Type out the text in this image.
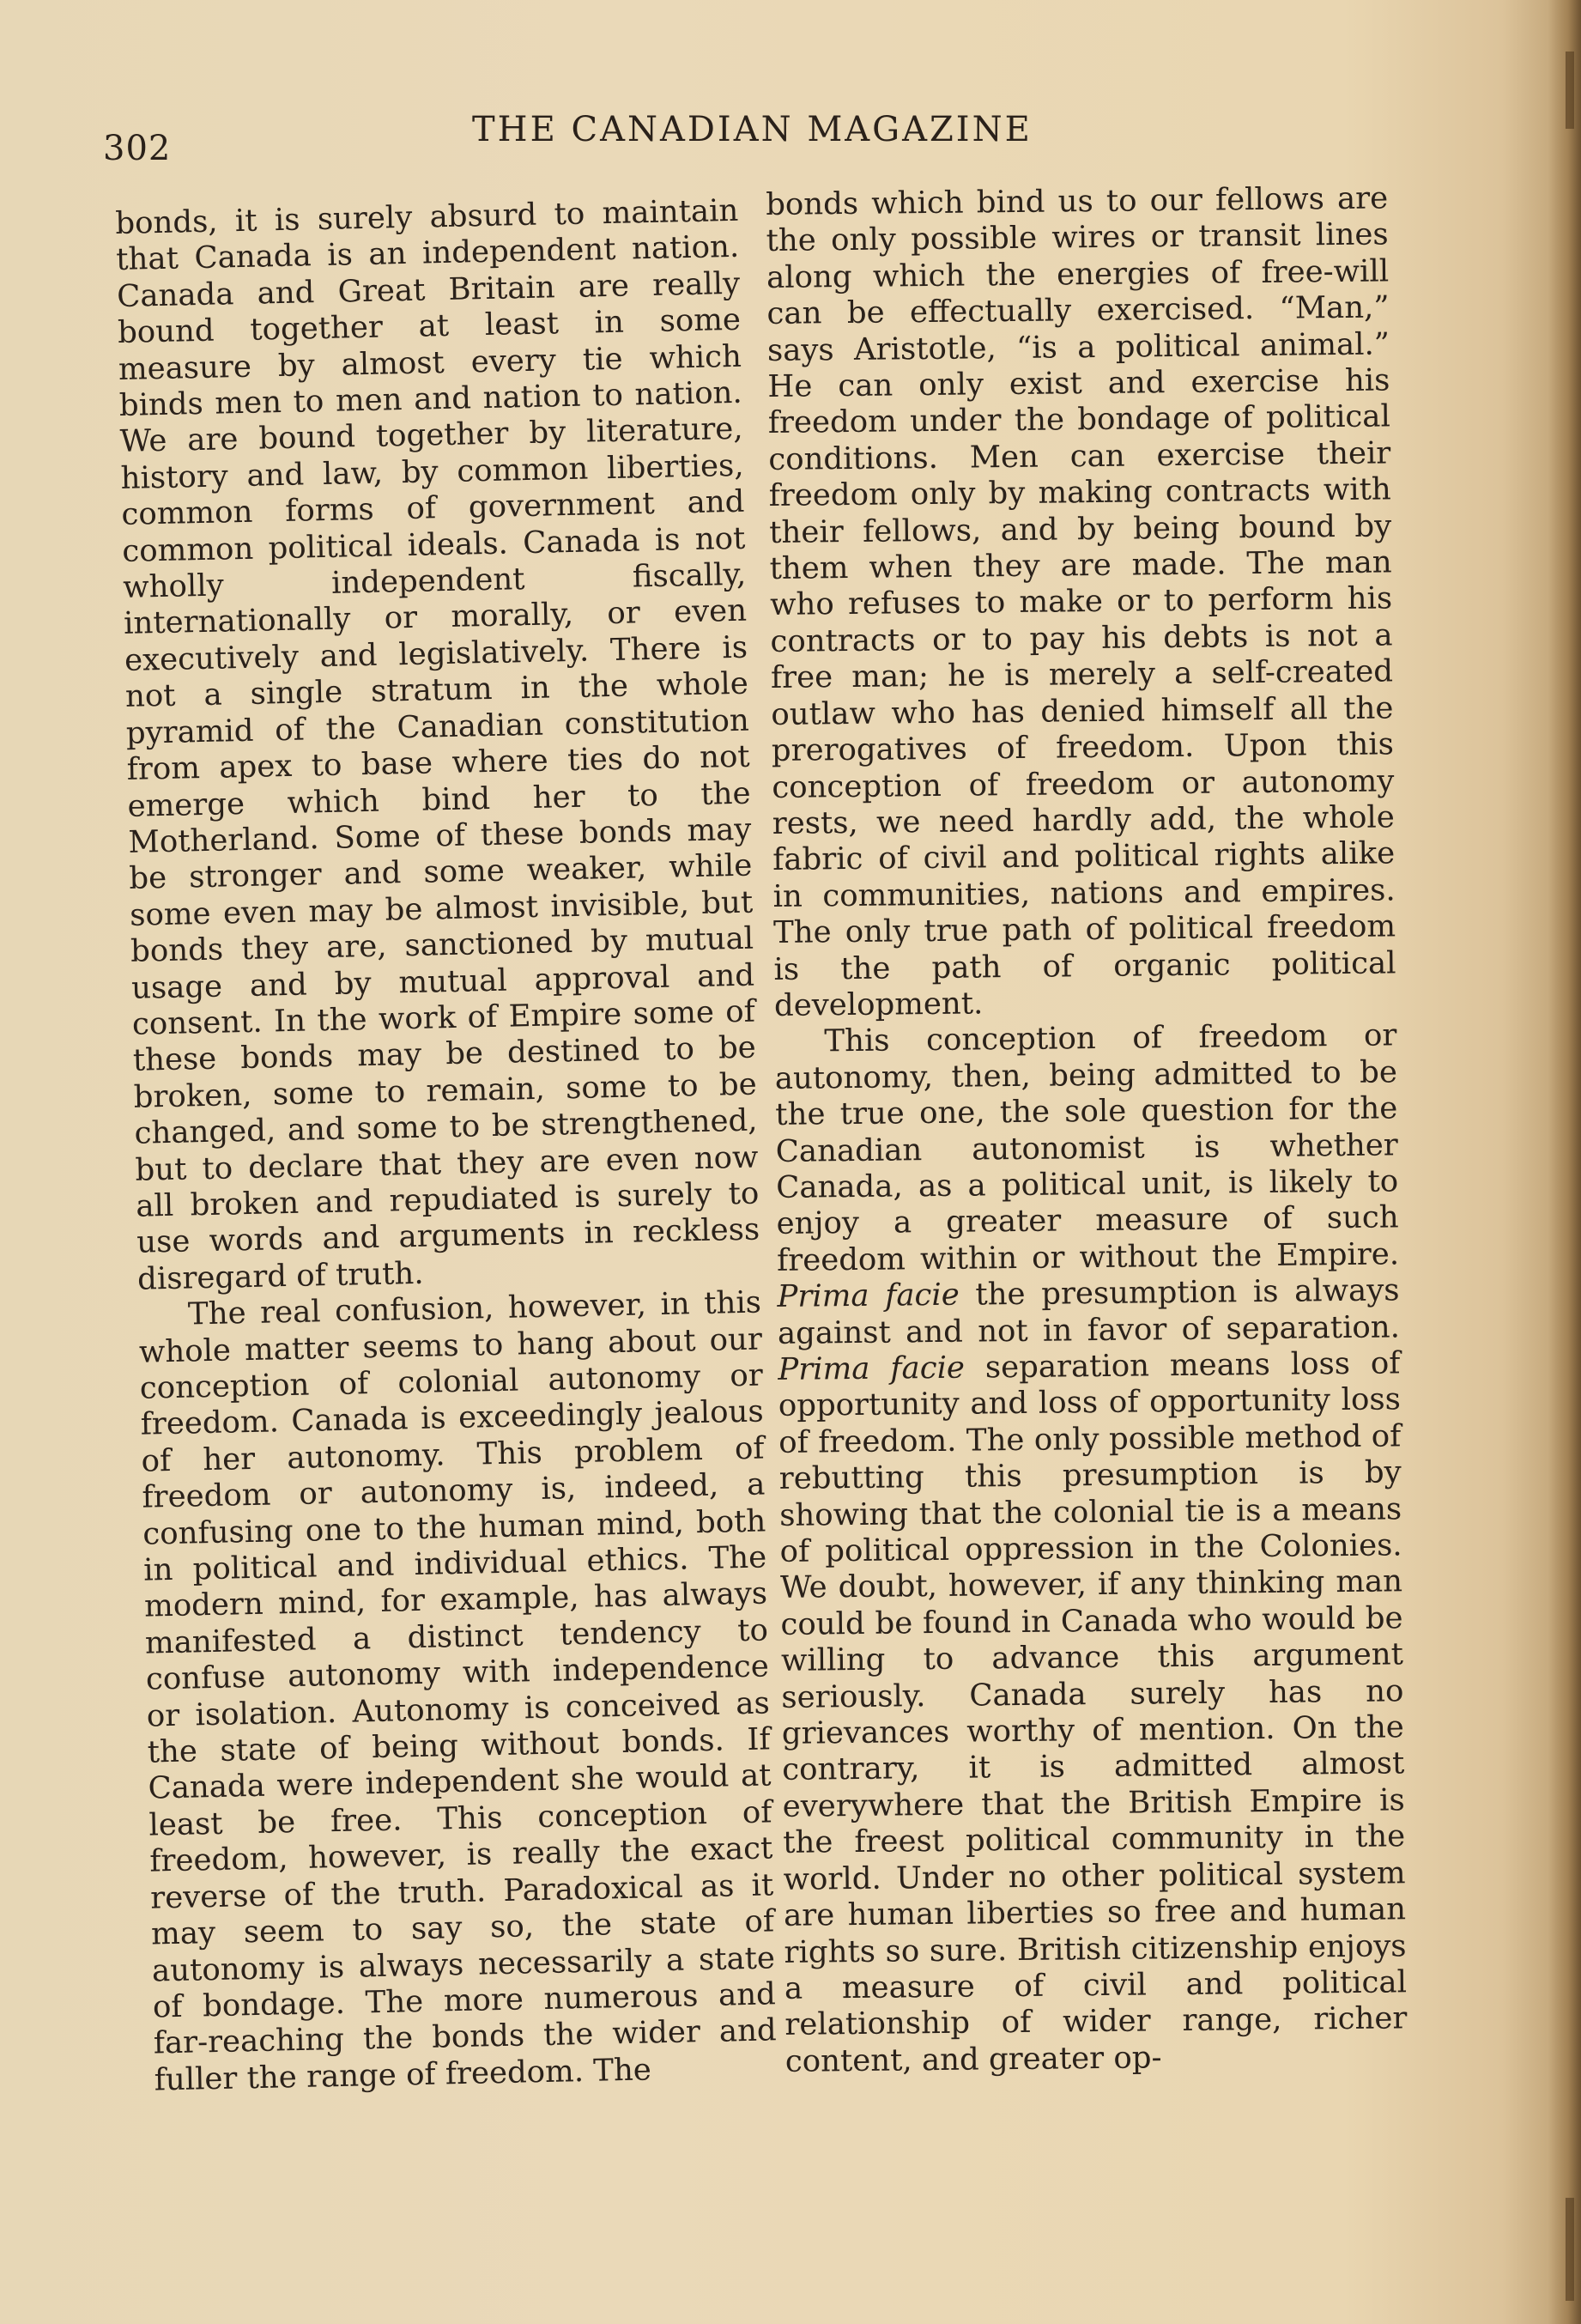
302	THE CANADIAN MAGAZINE

bonds, it is surely absurd to maintain that Canada is an independent nation. Canada and Great Britain are really bound together at least in some measure by almost every tie which binds men to men and nation to nation. We are bound together by literature, history and law, by common liberties, common forms of government and common political ideals. Canada is not wholly independent fiscally, internationally or morally, or even executively and legislatively. There is not a single stratum in the whole pyramid of the Canadian constitution from apex to base where ties do not emerge which bind her to the Motherland. Some of these bonds may be stronger and some weaker, while some even may be almost invisible, but bonds they are, sanctioned by mutual usage and by mutual approval and consent. In the work of Empire some of these bonds may be destined to be broken, some to remain, some to be changed, and some to be strengthened, but to declare that they are even now all broken and repudiated is surely to use words and arguments in reckless disregard of truth.

The real confusion, however, in this whole matter seems to hang about our conception of colonial autonomy or freedom. Canada is exceedingly jealous of her autonomy. This problem of freedom or autonomy is, indeed, a confusing one to the human mind, both in political and individual ethics. The modern mind, for example, has always manifested a distinct tendency to confuse autonomy with independence or isolation. Autonomy is conceived as the state of being without bonds. If Canada were independent she would at least be free. This conception of freedom, however, is really the exact reverse of the truth. Paradoxical as it may seem to say so, the state of autonomy is always necessarily a state of bondage. The more numerous and far-reaching the bonds the wider and fuller the range of freedom. The

bonds which bind us to our fellows are the only possible wires or transit lines along which the energies of free-will can be effectually exercised. “Man,” says Aristotle, “is a political animal.” He can only exist and exercise his freedom under the bondage of political conditions. Men can exercise their freedom only by making contracts with their fellows, and by being bound by them when they are made. The man who refuses to make or to perform his contracts or to pay his debts is not a free man; he is merely a self-created outlaw who has denied himself all the prerogatives of freedom. Upon this conception of freedom or autonomy rests, we need hardly add, the whole fabric of civil and political rights alike in communities, nations and empires. The only true path of political freedom is the path of organic political development.

This conception of freedom or autonomy, then, being admitted to be the true one, the sole question for the Canadian autonomist is whether Canada, as a political unit, is likely to enjoy a greater measure of such freedom within or without the Empire. Prima facie the presumption is always against and not in favor of separation. Prima facie separation means loss of opportunity and loss of opportunity loss of freedom. The only possible method of rebutting this presumption is by showing that the colonial tie is a means of political oppression in the Colonies. We doubt, however, if any thinking man could be found in Canada who would be willing to advance this argument seriously. Canada surely has no grievances worthy of mention. On the contrary, it is admitted almost everywhere that the British Empire is the freest political community in the world. Under no other political system are human liberties so free and human rights so sure. British citizenship enjoys a measure of civil and political relationship of wider range, richer content, and greater op-
